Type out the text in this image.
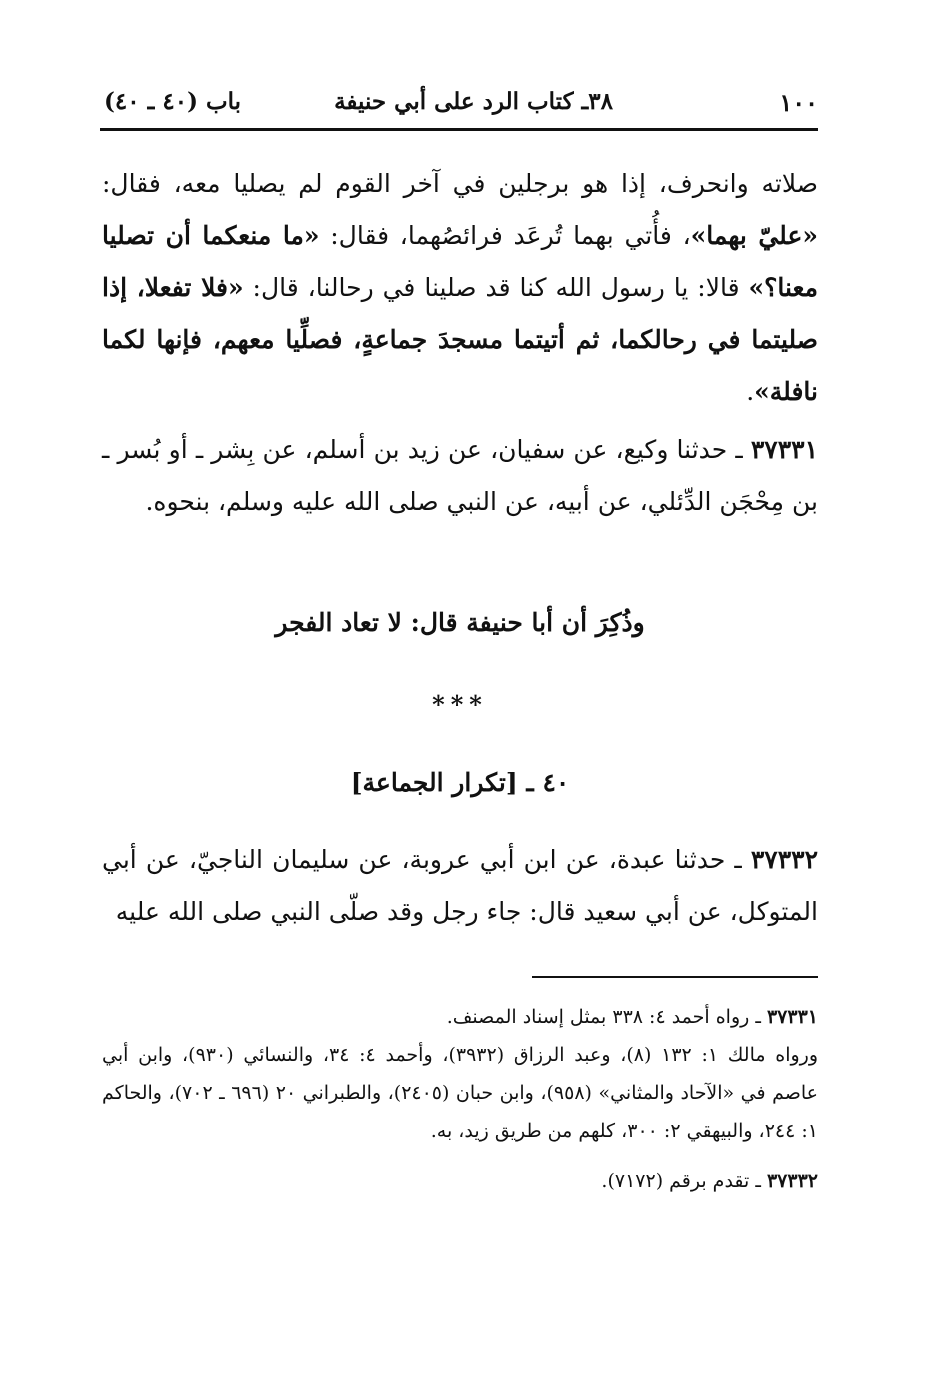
١٠٠
٣٨ـ كتاب الرد على أبي حنيفة
باب (٤٠ ـ ٤٠)
صلاته وانحرف، إذا هو برجلين في آخر القوم لم يصليا معه، فقال: «عليّ بهما»، فأُتي بهما تُرعَد فرائصُهما، فقال: «ما منعكما أن تصليا معنا؟» قالا: يا رسول الله كنا قد صلينا في رحالنا، قال: «فلا تفعلا، إذا صليتما في رحالكما، ثم أتيتما مسجدَ جماعةٍ، فصلِّيا معهم، فإنها لكما نافلة».
٣٧٣٣١ ـ حدثنا وكيع، عن سفيان، عن زيد بن أسلم، عن بِشر ـ أو بُسر ـ بن مِحْجَن الدِّئلي، عن أبيه، عن النبي صلى الله عليه وسلم، بنحوه.
وذُكِرَ أن أبا حنيفة قال: لا تعاد الفجر
***
٤٠ ـ [تكرار الجماعة]
٣٧٣٣٢ ـ حدثنا عبدة، عن ابن أبي عروبة، عن سليمان الناجيّ، عن أبي المتوكل، عن أبي سعيد قال: جاء رجل وقد صلّى النبي صلى الله عليه

٣٧٣٣١ ـ رواه أحمد ٤: ٣٣٨ بمثل إسناد المصنف.

ورواه مالك ١: ١٣٢ (٨)، وعبد الرزاق (٣٩٣٢)، وأحمد ٤: ٣٤، والنسائي (٩٣٠)، وابن أبي عاصم في «الآحاد والمثاني» (٩٥٨)، وابن حبان (٢٤٠٥)، والطبراني ٢٠ (٦٩٦ ـ ٧٠٢)، والحاكم ١: ٢٤٤، والبيهقي ٢: ٣٠٠، كلهم من طريق زيد، به.

٣٧٣٣٢ ـ تقدم برقم (٧١٧٢).
